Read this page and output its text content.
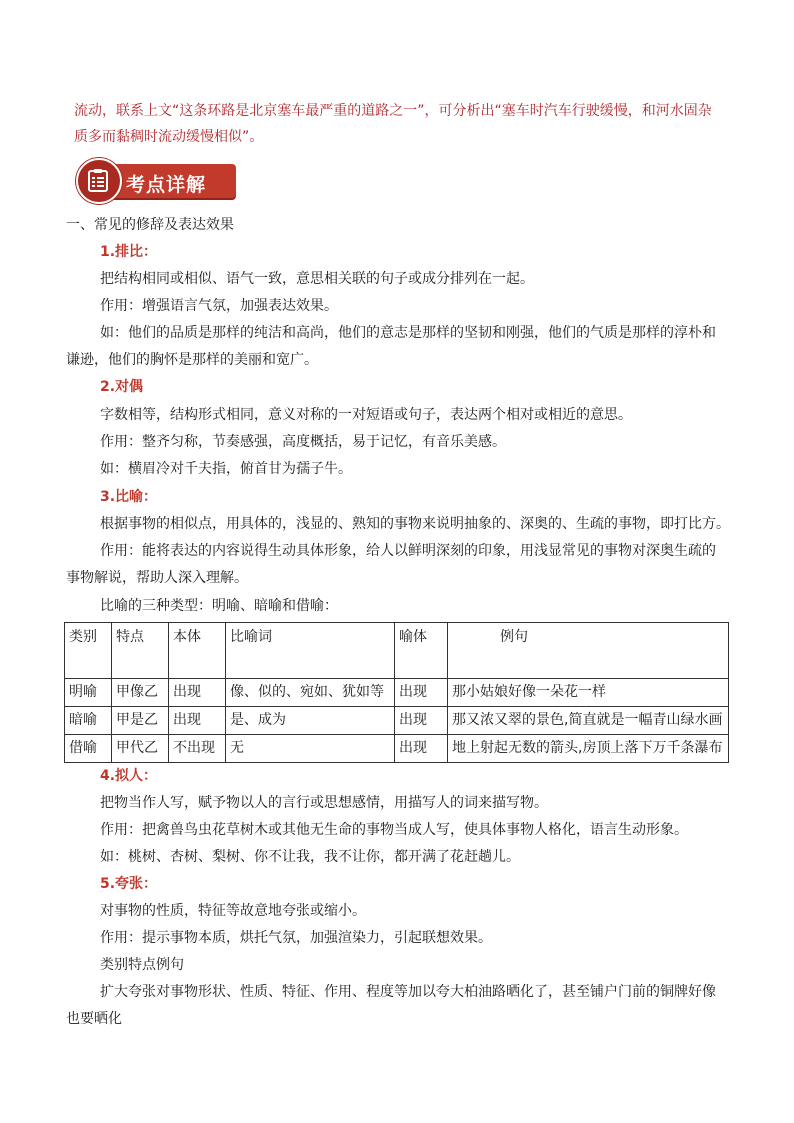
流动，联系上文“这条环路是北京塞车最严重的道路之一”，可分析出“塞车时汽车行驶缓慢，和河水固杂质多而黏稠时流动缓慢相似”。
考点详解
一、常见的修辞及表达效果
1.排比：
把结构相同或相似、语气一致，意思相关联的句子或成分排列在一起。
作用：增强语言气氛，加强表达效果。
如：他们的品质是那样的纯洁和高尚，他们的意志是那样的坚韧和刚强，他们的气质是那样的淳朴和
谦逊，他们的胸怀是那样的美丽和宽广。
2.对偶
字数相等，结构形式相同，意义对称的一对短语或句子，表达两个相对或相近的意思。
作用：整齐匀称，节奏感强，高度概括，易于记忆，有音乐美感。
如：横眉冷对千夫指，俯首甘为孺子牛。
3.比喻：
根据事物的相似点，用具体的，浅显的、熟知的事物来说明抽象的、深奥的、生疏的事物，即打比方。
作用：能将表达的内容说得生动具体形象，给人以鲜明深刻的印象，用浅显常见的事物对深奥生疏的
事物解说，帮助人深入理解。
比喻的三种类型：明喻、暗喻和借喻：
类别	特点	本体	比喻词	喻体	例句
明喻	甲像乙	出现	像、似的、宛如、犹如等	出现	那小姑娘好像一朵花一样
暗喻	甲是乙	出现	是、成为	出现	那又浓又翠的景色,简直就是一幅青山绿水画
借喻	甲代乙	不出现	无	出现	地上射起无数的箭头,房顶上落下万千条瀑布
4.拟人：
把物当作人写，赋予物以人的言行或思想感情，用描写人的词来描写物。
作用：把禽兽鸟虫花草树木或其他无生命的事物当成人写，使具体事物人格化，语言生动形象。
如：桃树、杏树、梨树、你不让我，我不让你，都开满了花赶趟儿。
5.夸张：
对事物的性质，特征等故意地夸张或缩小。
作用：提示事物本质，烘托气氛，加强渲染力，引起联想效果。
类别特点例句
扩大夸张对事物形状、性质、特征、作用、程度等加以夸大柏油路晒化了，甚至铺户门前的铜牌好像
也要晒化
